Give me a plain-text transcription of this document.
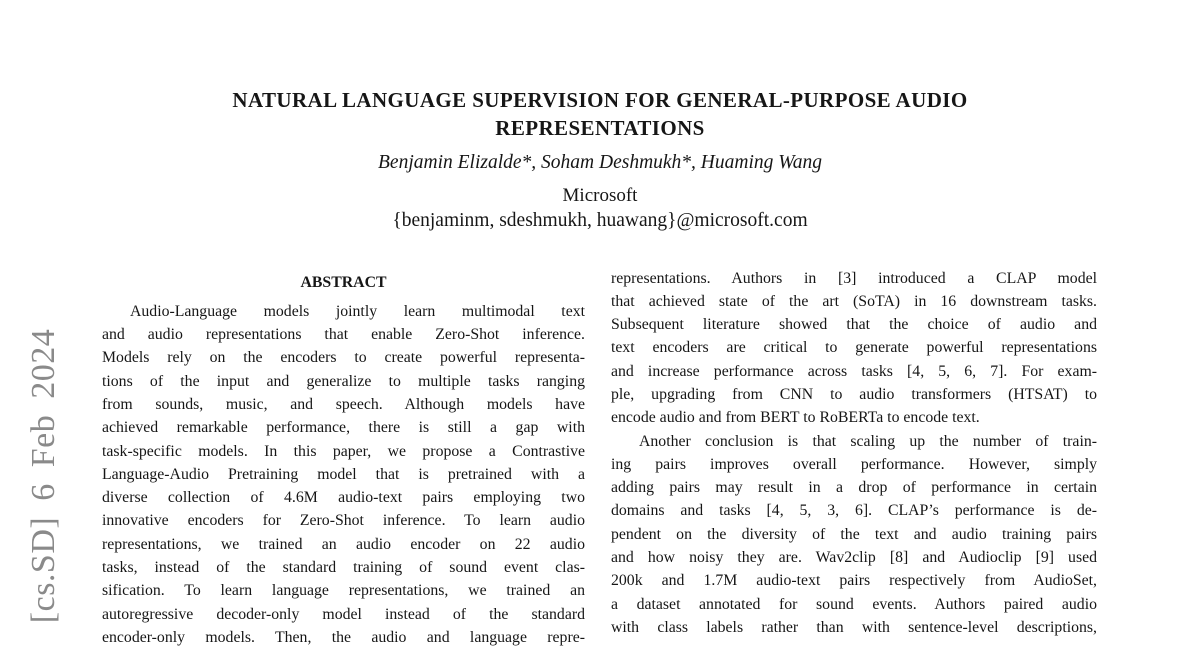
[cs.SD] 6 Feb 2024
NATURAL LANGUAGE SUPERVISION FOR GENERAL-PURPOSE AUDIO
REPRESENTATIONS
Benjamin Elizalde*, Soham Deshmukh*, Huaming Wang
Microsoft
{benjaminm, sdeshmukh, huawang}@microsoft.com
ABSTRACT
Audio-Language models jointly learn multimodal text
and audio representations that enable Zero-Shot inference.
Models rely on the encoders to create powerful representa-
tions of the input and generalize to multiple tasks ranging
from sounds, music, and speech. Although models have
achieved remarkable performance, there is still a gap with
task-specific models. In this paper, we propose a Contrastive
Language-Audio Pretraining model that is pretrained with a
diverse collection of 4.6M audio-text pairs employing two
innovative encoders for Zero-Shot inference. To learn audio
representations, we trained an audio encoder on 22 audio
tasks, instead of the standard training of sound event clas-
sification. To learn language representations, we trained an
autoregressive decoder-only model instead of the standard
encoder-only models. Then, the audio and language repre-
representations. Authors in [3] introduced a CLAP model
that achieved state of the art (SoTA) in 16 downstream tasks.
Subsequent literature showed that the choice of audio and
text encoders are critical to generate powerful representations
and increase performance across tasks [4, 5, 6, 7]. For exam-
ple, upgrading from CNN to audio transformers (HTSAT) to
encode audio and from BERT to RoBERTa to encode text.
Another conclusion is that scaling up the number of train-
ing pairs improves overall performance. However, simply
adding pairs may result in a drop of performance in certain
domains and tasks [4, 5, 3, 6]. CLAP’s performance is de-
pendent on the diversity of the text and audio training pairs
and how noisy they are. Wav2clip [8] and Audioclip [9] used
200k and 1.7M audio-text pairs respectively from AudioSet,
a dataset annotated for sound events. Authors paired audio
with class labels rather than with sentence-level descriptions,
